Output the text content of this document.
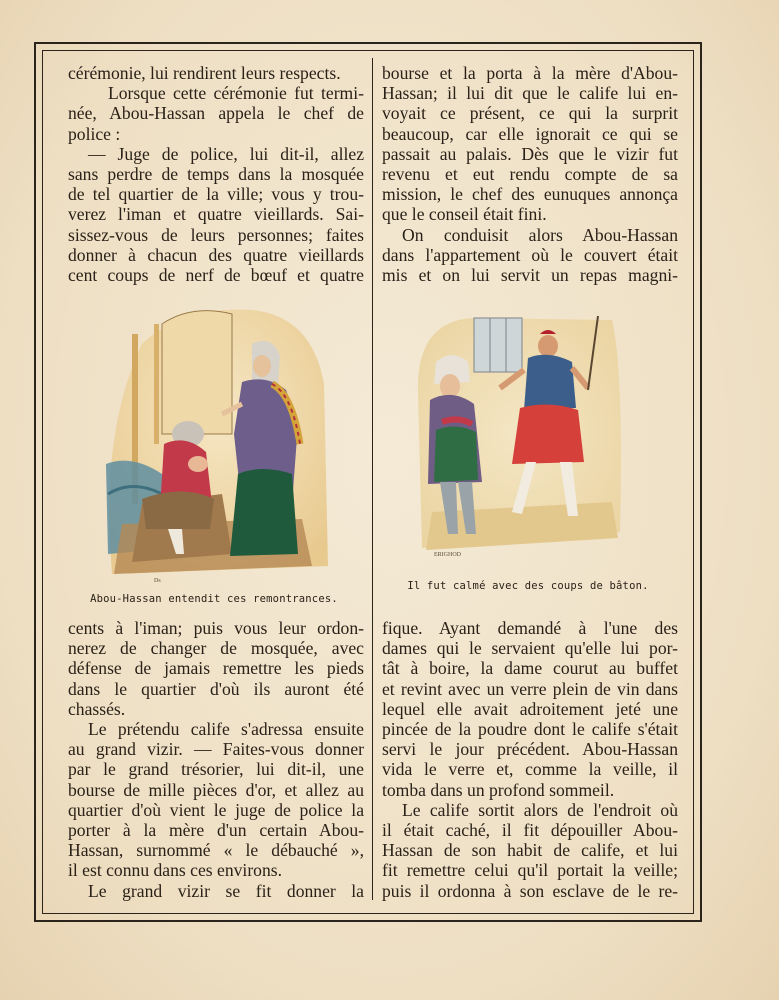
cérémonie, lui rendirent leurs respects.
Lorsque cette cérémonie fut termi-
née, Abou-Hassan appela le chef de
police :
— Juge de police, lui dit-il, allez
sans perdre de temps dans la mosquée
de tel quartier de la ville; vous y trou-
verez l'iman et quatre vieillards. Sai-
sissez-vous de leurs personnes; faites
donner à chacun des quatre vieillards
cent coups de nerf de bœuf et quatre
bourse et la porta à la mère d'Abou-
Hassan; il lui dit que le calife lui en-
voyait ce présent, ce qui la surprit
beaucoup, car elle ignorait ce qui se
passait au palais. Dès que le vizir fut
revenu et eut rendu compte de sa
mission, le chef des eunuques annonça
que le conseil était fini.
On conduisit alors Abou-Hassan
dans l'appartement où le couvert était
mis et on lui servit un repas magni-
Ds
Abou-Hassan entendit ces remontrances.
ERIGHOD
Il fut calmé avec des coups de bâton.
cents à l'iman; puis vous leur ordon-
nerez de changer de mosquée, avec
défense de jamais remettre les pieds
dans le quartier d'où ils auront été
chassés.
Le prétendu calife s'adressa ensuite
au grand vizir. — Faites-vous donner
par le grand trésorier, lui dit-il, une
bourse de mille pièces d'or, et allez au
quartier d'où vient le juge de police la
porter à la mère d'un certain Abou-
Hassan, surnommé « le débauché »,
il est connu dans ces environs.
Le grand vizir se fit donner la
fique. Ayant demandé à l'une des
dames qui le servaient qu'elle lui por-
tât à boire, la dame courut au buffet
et revint avec un verre plein de vin dans
lequel elle avait adroitement jeté une
pincée de la poudre dont le calife s'était
servi le jour précédent. Abou-Hassan
vida le verre et, comme la veille, il
tomba dans un profond sommeil.
Le calife sortit alors de l'endroit où
il était caché, il fit dépouiller Abou-
Hassan de son habit de calife, et lui
fit remettre celui qu'il portait la veille;
puis il ordonna à son esclave de le re-
